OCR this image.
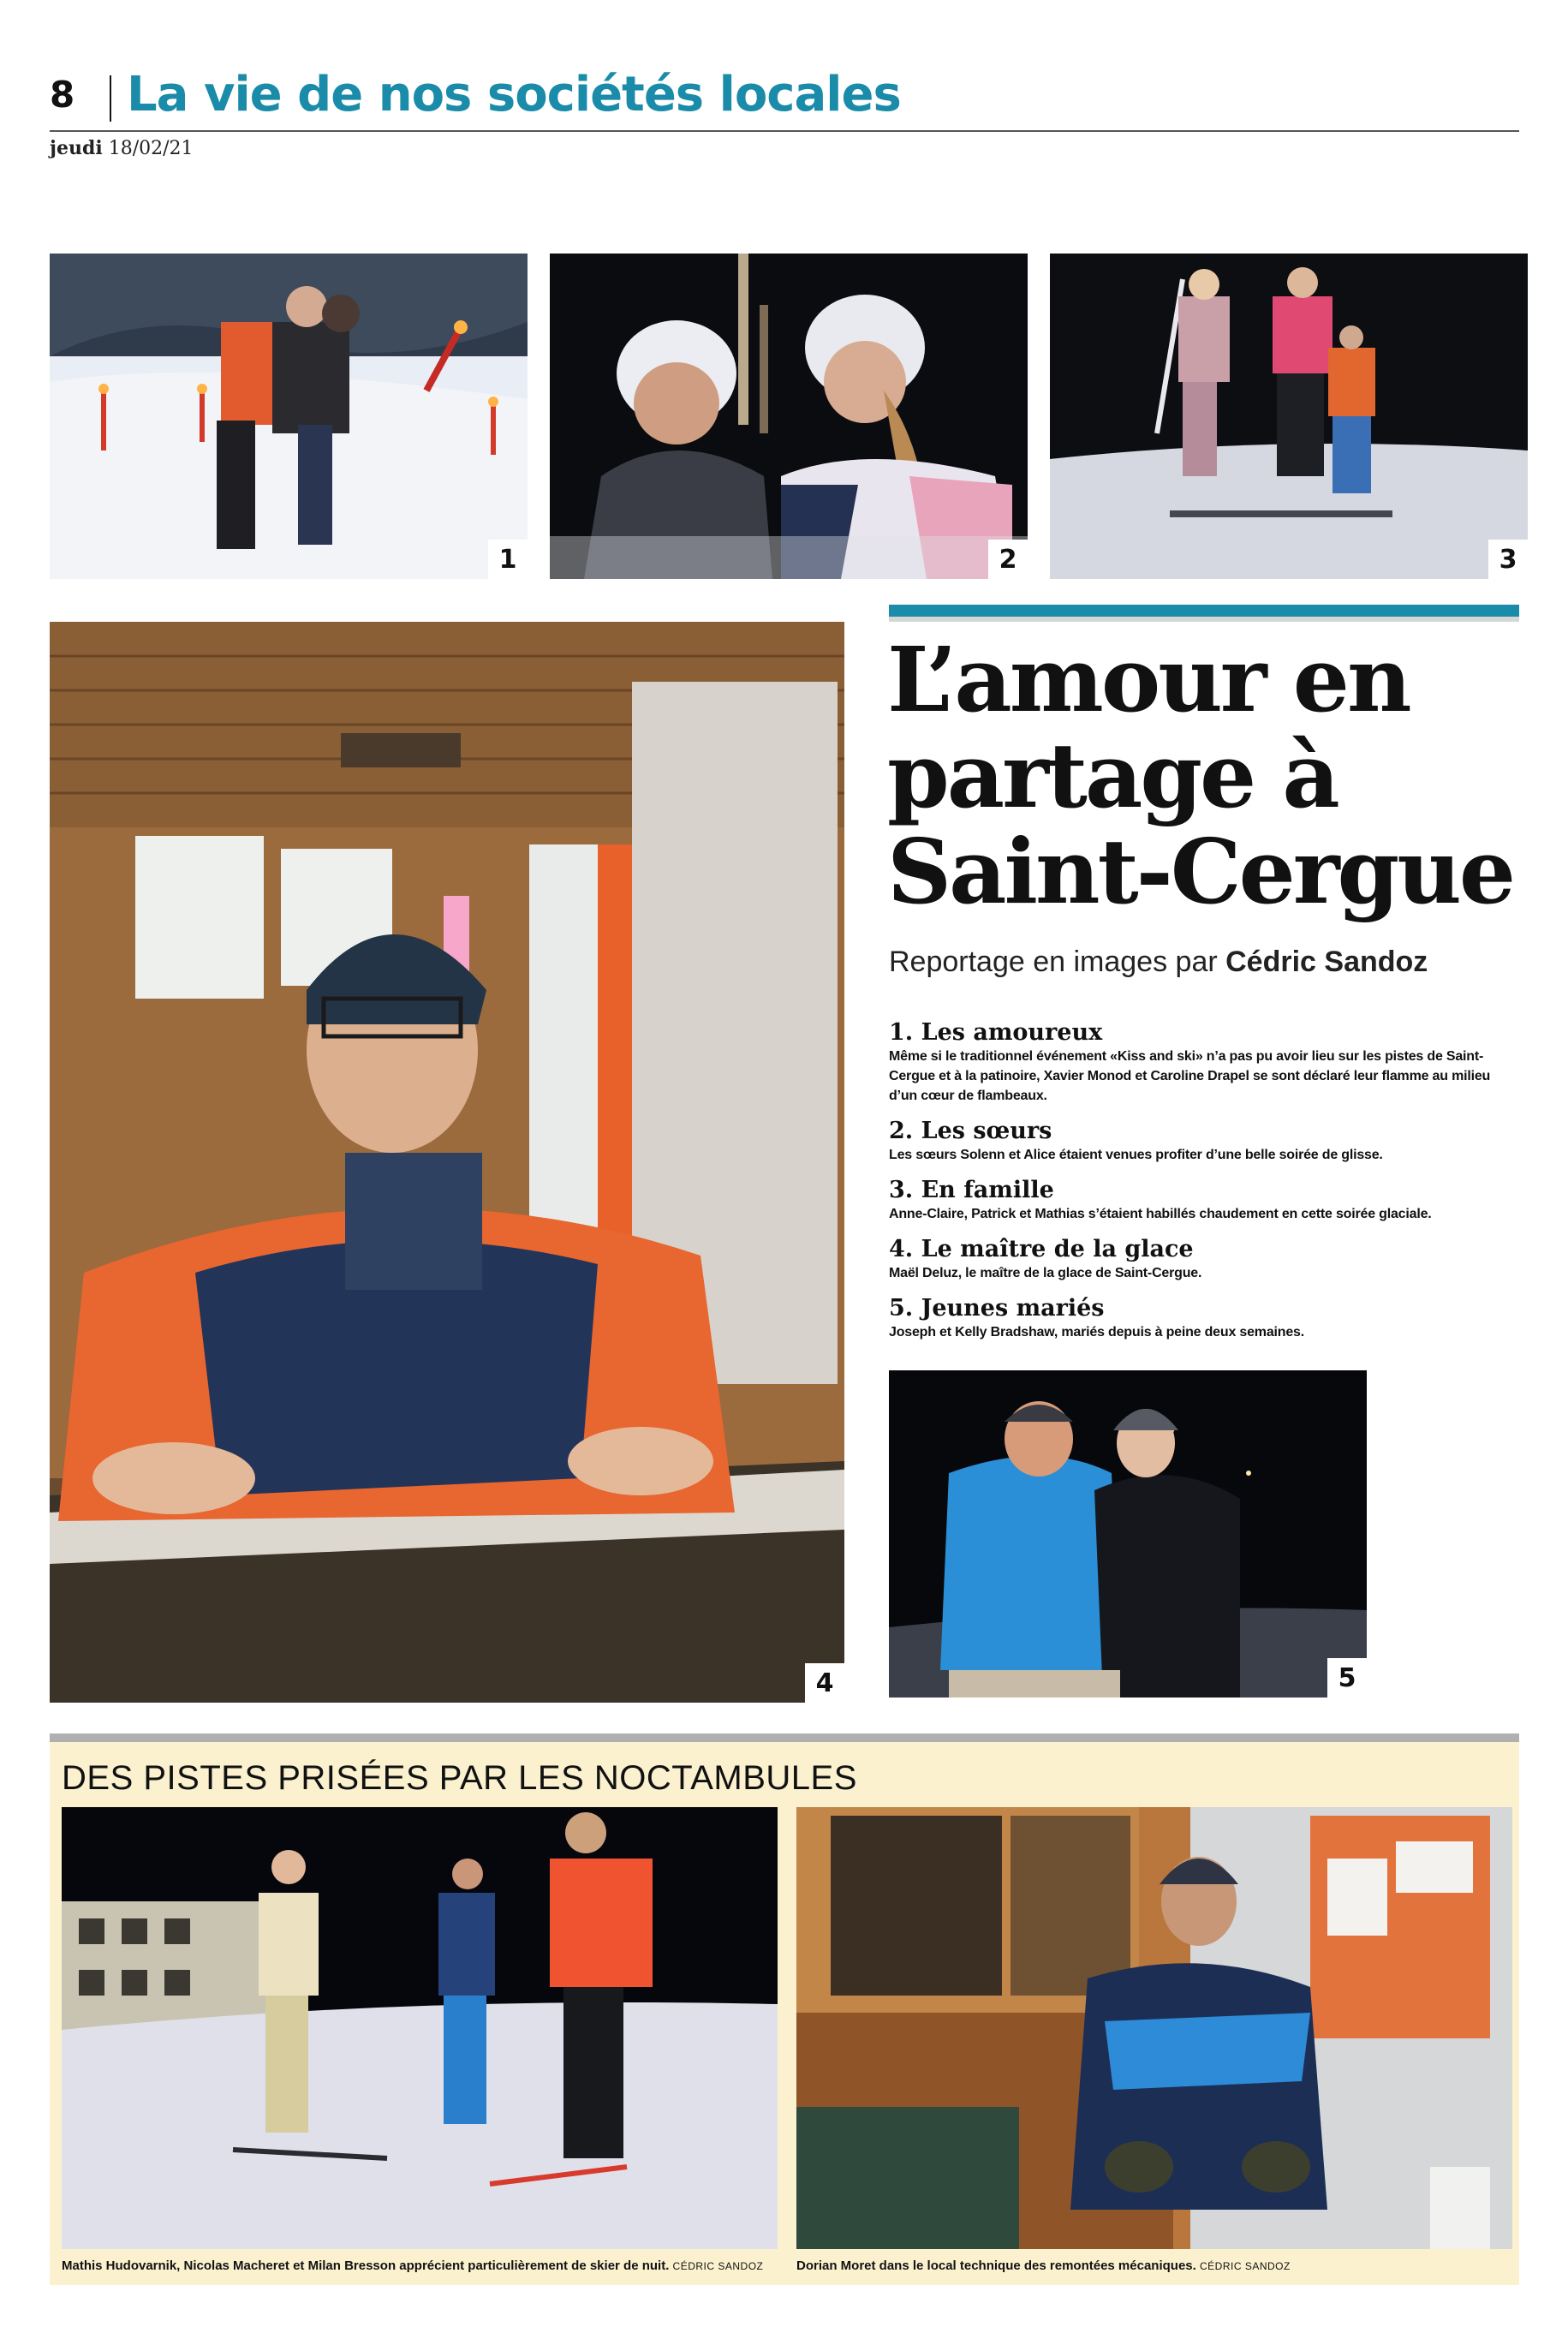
8 La vie de nos sociétés locales
jeudi 18/02/21
1	2	3
4
L’amour en
partage à
Saint-Cergue
Reportage en images par Cédric Sandoz
1. Les amoureux
Même si le traditionnel événement «Kiss and ski» n’a pas pu avoir lieu sur les pistes de Saint-Cergue et à la patinoire, Xavier Monod et Caroline Drapel se sont déclaré leur flamme au milieu d’un cœur de flambeaux.
2. Les sœurs
Les sœurs Solenn et Alice étaient venues profiter d’une belle soirée de glisse.
3. En famille
Anne-Claire, Patrick et Mathias s’étaient habillés chaudement en cette soirée glaciale.
4. Le maître de la glace
Maël Deluz, le maître de la glace de Saint-Cergue.
5. Jeunes mariés
Joseph et Kelly Bradshaw, mariés depuis à peine deux semaines.
5
DES PISTES PRISÉES PAR LES NOCTAMBULES
Mathis Hudovarnik, Nicolas Macheret et Milan Bresson apprécient particulièrement de skier de nuit. CÉDRIC SANDOZ	Dorian Moret dans le local technique des remontées mécaniques. CÉDRIC SANDOZ
